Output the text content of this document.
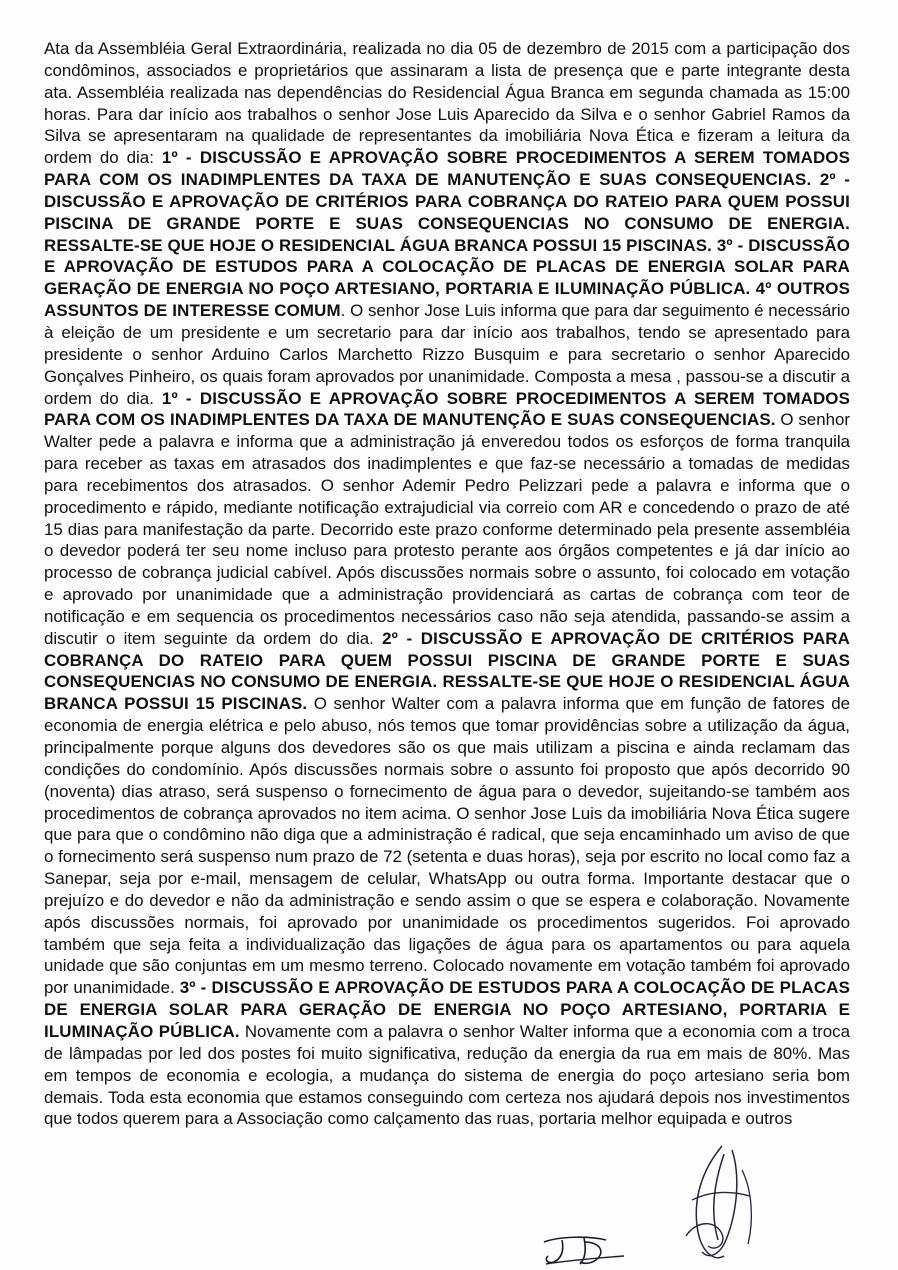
Ata da Assembléia Geral Extraordinária, realizada no dia 05 de dezembro de 2015 com a participação dos condôminos, associados e proprietários que assinaram a lista de presença que e parte integrante desta ata. Assembléia realizada nas dependências do Residencial Água Branca em segunda chamada as 15:00 horas. Para dar início aos trabalhos o senhor Jose Luis Aparecido da Silva e o senhor Gabriel Ramos da Silva se apresentaram na qualidade de representantes da imobiliária Nova Ética e fizeram a leitura da ordem do dia: 1º - DISCUSSÃO E APROVAÇÃO SOBRE PROCEDIMENTOS A SEREM TOMADOS PARA COM OS INADIMPLENTES DA TAXA DE MANUTENÇÃO E SUAS CONSEQUENCIAS. 2º - DISCUSSÃO E APROVAÇÃO DE CRITÉRIOS PARA COBRANÇA DO RATEIO PARA QUEM POSSUI PISCINA DE GRANDE PORTE E SUAS CONSEQUENCIAS NO CONSUMO DE ENERGIA. RESSALTE-SE QUE HOJE O RESIDENCIAL ÁGUA BRANCA POSSUI 15 PISCINAS. 3º - DISCUSSÃO E APROVAÇÃO DE ESTUDOS PARA A COLOCAÇÃO DE PLACAS DE ENERGIA SOLAR PARA GERAÇÃO DE ENERGIA NO POÇO ARTESIANO, PORTARIA E ILUMINAÇÃO PÚBLICA. 4º OUTROS ASSUNTOS DE INTERESSE COMUM. O senhor Jose Luis informa que para dar seguimento é necessário à eleição de um presidente e um secretario para dar início aos trabalhos, tendo se apresentado para presidente o senhor Arduino Carlos Marchetto Rizzo Busquim e para secretario o senhor Aparecido Gonçalves Pinheiro, os quais foram aprovados por unanimidade. Composta a mesa , passou-se a discutir a ordem do dia. 1º - DISCUSSÃO E APROVAÇÃO SOBRE PROCEDIMENTOS A SEREM TOMADOS PARA COM OS INADIMPLENTES DA TAXA DE MANUTENÇÃO E SUAS CONSEQUENCIAS. O senhor Walter pede a palavra e informa que a administração já enveredou todos os esforços de forma tranquila para receber as taxas em atrasados dos inadimplentes e que faz-se necessário a tomadas de medidas para recebimentos dos atrasados. O senhor Ademir Pedro Pelizzari pede a palavra e informa que o procedimento e rápido, mediante notificação extrajudicial via correio com AR e concedendo o prazo de até 15 dias para manifestação da parte. Decorrido este prazo conforme determinado pela presente assembléia o devedor poderá ter seu nome incluso para protesto perante aos órgãos competentes e já dar início ao processo de cobrança judicial cabível. Após discussões normais sobre o assunto, foi colocado em votação e aprovado por unanimidade que a administração providenciará as cartas de cobrança com teor de notificação e em sequencia os procedimentos necessários caso não seja atendida, passando-se assim a discutir o item seguinte da ordem do dia. 2º - DISCUSSÃO E APROVAÇÃO DE CRITÉRIOS PARA COBRANÇA DO RATEIO PARA QUEM POSSUI PISCINA DE GRANDE PORTE E SUAS CONSEQUENCIAS NO CONSUMO DE ENERGIA. RESSALTE-SE QUE HOJE O RESIDENCIAL ÁGUA BRANCA POSSUI 15 PISCINAS. O senhor Walter com a palavra informa que em função de fatores de economia de energia elétrica e pelo abuso, nós temos que tomar providências sobre a utilização da água, principalmente porque alguns dos devedores são os que mais utilizam a piscina e ainda reclamam das condições do condomínio. Após discussões normais sobre o assunto foi proposto que após decorrido 90 (noventa) dias atraso, será suspenso o fornecimento de água para o devedor, sujeitando-se também aos procedimentos de cobrança aprovados no item acima. O senhor Jose Luis da imobiliária Nova Ética sugere que para que o condômino não diga que a administração é radical, que seja encaminhado um aviso de que o fornecimento será suspenso num prazo de 72 (setenta e duas horas), seja por escrito no local como faz a Sanepar, seja por e-mail, mensagem de celular, WhatsApp ou outra forma. Importante destacar que o prejuízo e do devedor e não da administração e sendo assim o que se espera e colaboração. Novamente após discussões normais, foi aprovado por unanimidade os procedimentos sugeridos. Foi aprovado também que seja feita a individualização das ligações de água para os apartamentos ou para aquela unidade que são conjuntas em um mesmo terreno. Colocado novamente em votação também foi aprovado por unanimidade. 3º - DISCUSSÃO E APROVAÇÃO DE ESTUDOS PARA A COLOCAÇÃO DE PLACAS DE ENERGIA SOLAR PARA GERAÇÃO DE ENERGIA NO POÇO ARTESIANO, PORTARIA E ILUMINAÇÃO PÚBLICA. Novamente com a palavra o senhor Walter informa que a economia com a troca de lâmpadas por led dos postes foi muito significativa, redução da energia da rua em mais de 80%. Mas em tempos de economia e ecologia, a mudança do sistema de energia do poço artesiano seria bom demais. Toda esta economia que estamos conseguindo com certeza nos ajudará depois nos investimentos que todos querem para a Associação como calçamento das ruas, portaria melhor equipada e outros
